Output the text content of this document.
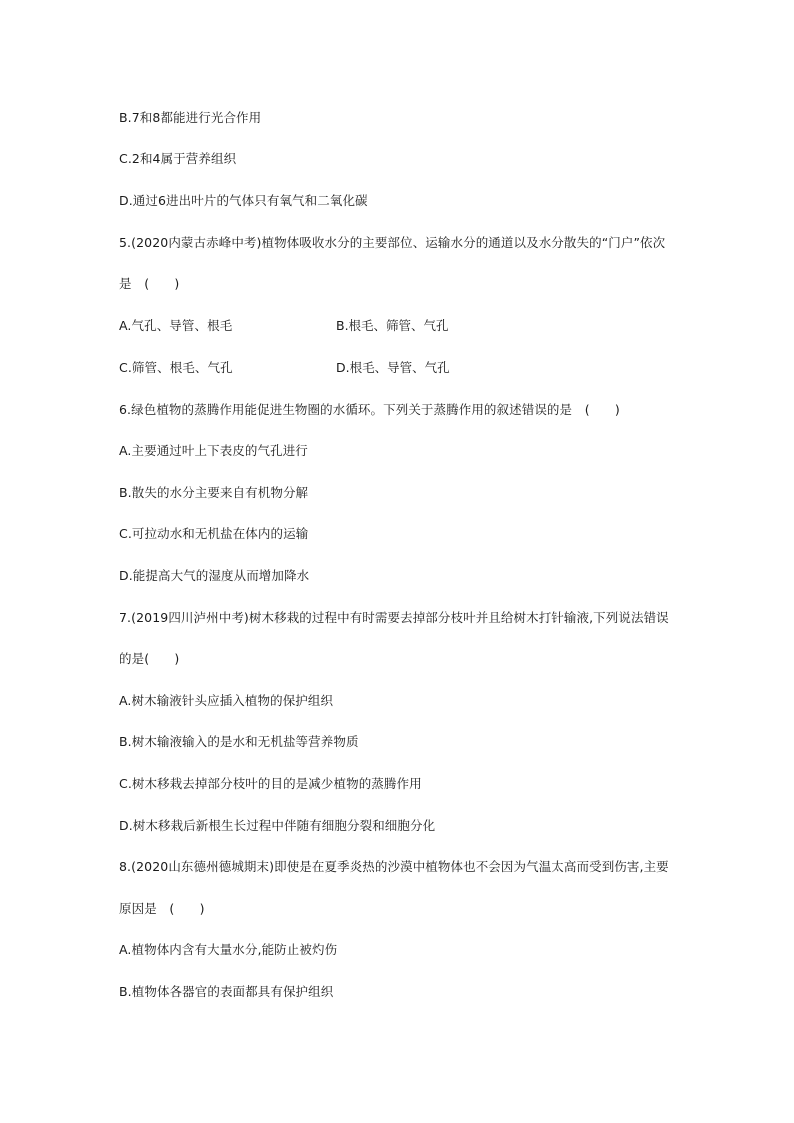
B.7和8都能进行光合作用
C.2和4属于营养组织
D.通过6进出叶片的气体只有氧气和二氧化碳
5.(2020内蒙古赤峰中考)植物体吸收水分的主要部位、运输水分的通道以及水分散失的“门户”依次
是　(　　)
A.气孔、导管、根毛	B.根毛、筛管、气孔
C.筛管、根毛、气孔	D.根毛、导管、气孔
6.绿色植物的蒸腾作用能促进生物圈的水循环。下列关于蒸腾作用的叙述错误的是　(　　)
A.主要通过叶上下表皮的气孔进行
B.散失的水分主要来自有机物分解
C.可拉动水和无机盐在体内的运输
D.能提高大气的湿度从而增加降水
7.(2019四川泸州中考)树木移栽的过程中有时需要去掉部分枝叶并且给树木打针输液,下列说法错误
的是(　　)
A.树木输液针头应插入植物的保护组织
B.树木输液输入的是水和无机盐等营养物质
C.树木移栽去掉部分枝叶的目的是减少植物的蒸腾作用
D.树木移栽后新根生长过程中伴随有细胞分裂和细胞分化
8.(2020山东德州德城期末)即使是在夏季炎热的沙漠中植物体也不会因为气温太高而受到伤害,主要
原因是　(　　)
A.植物体内含有大量水分,能防止被灼伤
B.植物体各器官的表面都具有保护组织
